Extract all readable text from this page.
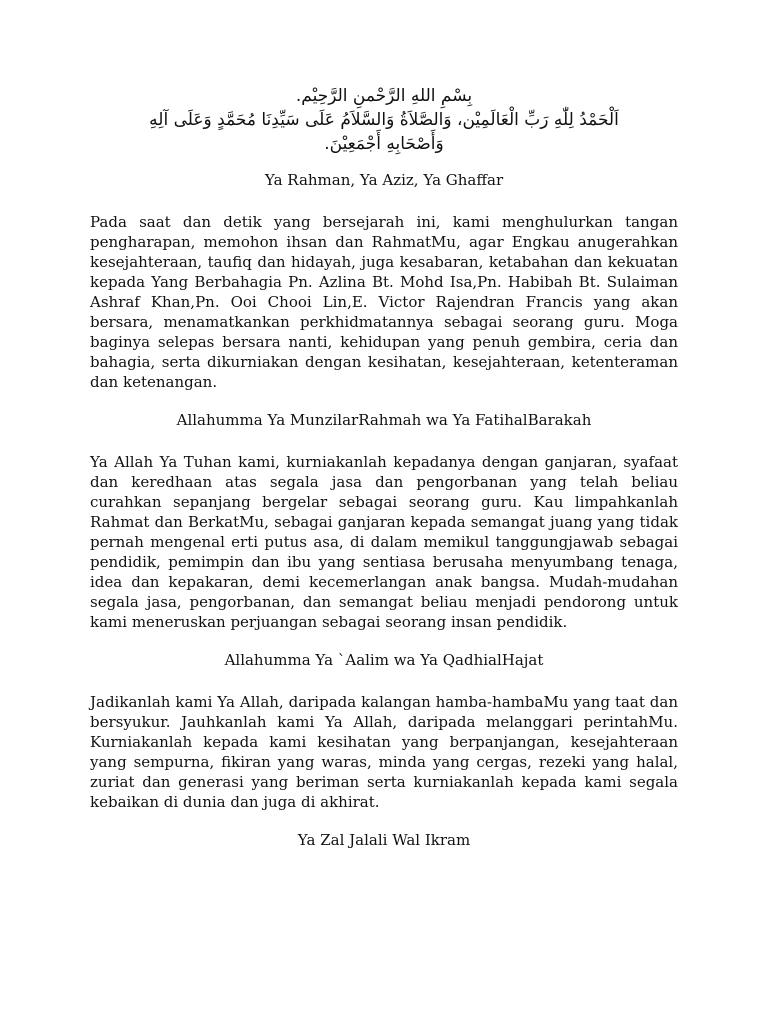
بِسْمِ اللهِ الرَّحْمنِ الرَّحِيْم.

اَلْحَمْدُ لِلّٰهِ رَبِّ الْعَالَمِيْن، وَالصَّلاَةُ وَالسَّلاَمُ عَلَى سَيِّدِنَا مُحَمَّدٍ وَعَلَى آلِهِ

وَأَصْحَابِهِ أَجْمَعِيْنَ.

Ya Rahman, Ya Aziz, Ya Ghaffar

Pada saat dan detik yang bersejarah ini, kami menghulurkan tangan pengharapan, memohon ihsan dan RahmatMu, agar Engkau anugerahkan kesejahteraan, taufiq dan hidayah, juga kesabaran, ketabahan dan kekuatan kepada Yang Berbahagia Pn. Azlina Bt. Mohd Isa,Pn. Habibah Bt. Sulaiman Ashraf Khan,Pn. Ooi Chooi Lin,E. Victor Rajendran Francis yang akan bersara, menamatkankan perkhidmatannya sebagai seorang guru. Moga baginya selepas bersara nanti, kehidupan yang penuh gembira, ceria dan bahagia, serta dikurniakan dengan kesihatan, kesejahteraan, ketenteraman dan ketenangan.

Allahumma Ya MunzilarRahmah wa Ya FatihalBarakah

Ya Allah Ya Tuhan kami, kurniakanlah kepadanya dengan ganjaran, syafaat dan keredhaan atas segala jasa dan pengorbanan yang telah beliau curahkan sepanjang bergelar sebagai seorang guru. Kau limpahkanlah Rahmat dan BerkatMu, sebagai ganjaran kepada semangat juang yang tidak pernah mengenal erti putus asa, di dalam memikul tanggungjawab sebagai pendidik, pemimpin dan ibu yang sentiasa berusaha menyumbang tenaga, idea dan kepakaran, demi kecemerlangan anak bangsa. Mudah-mudahan segala jasa, pengorbanan, dan semangat beliau menjadi pendorong untuk kami meneruskan perjuangan sebagai seorang insan pendidik.

Allahumma Ya `Aalim wa Ya QadhialHajat

Jadikanlah kami Ya Allah, daripada kalangan hamba-hambaMu yang taat dan bersyukur. Jauhkanlah kami Ya Allah, daripada melanggari perintahMu. Kurniakanlah kepada kami kesihatan yang berpanjangan, kesejahteraan yang sempurna, fikiran yang waras, minda yang cergas, rezeki yang halal, zuriat dan generasi yang beriman serta kurniakanlah kepada kami segala kebaikan di dunia dan juga di akhirat.

Ya Zal Jalali Wal Ikram
